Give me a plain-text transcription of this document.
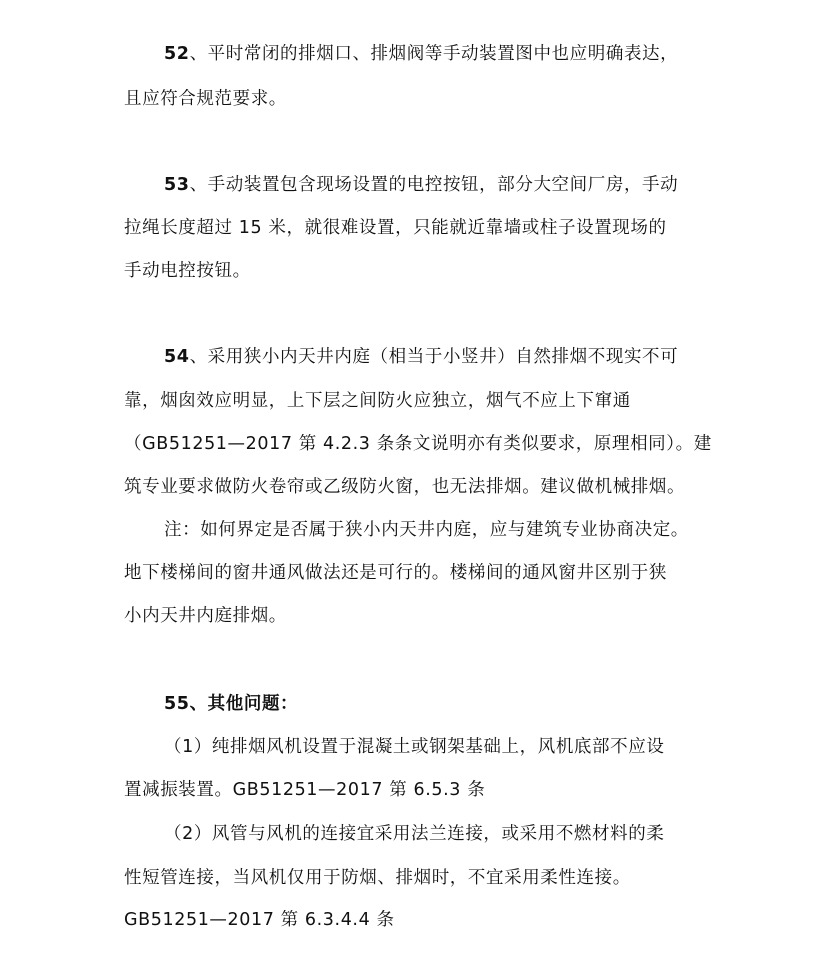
52、平时常闭的排烟口、排烟阀等手动装置图中也应明确表达，
且应符合规范要求。
53、手动装置包含现场设置的电控按钮，部分大空间厂房，手动
拉绳长度超过 15 米，就很难设置，只能就近靠墙或柱子设置现场的
手动电控按钮。
54、采用狭小内天井内庭（相当于小竖井）自然排烟不现实不可
靠，烟囱效应明显，上下层之间防火应独立，烟气不应上下窜通
（GB51251—2017 第 4.2.3 条条文说明亦有类似要求，原理相同）。建
筑专业要求做防火卷帘或乙级防火窗，也无法排烟。建议做机械排烟。
注：如何界定是否属于狭小内天井内庭，应与建筑专业协商决定。
地下楼梯间的窗井通风做法还是可行的。楼梯间的通风窗井区别于狭
小内天井内庭排烟。
55、其他问题：
（1）纯排烟风机设置于混凝土或钢架基础上，风机底部不应设
置减振装置。GB51251—2017 第 6.5.3 条
（2）风管与风机的连接宜采用法兰连接，或采用不燃材料的柔
性短管连接，当风机仅用于防烟、排烟时，不宜采用柔性连接。
GB51251—2017 第 6.3.4.4 条
